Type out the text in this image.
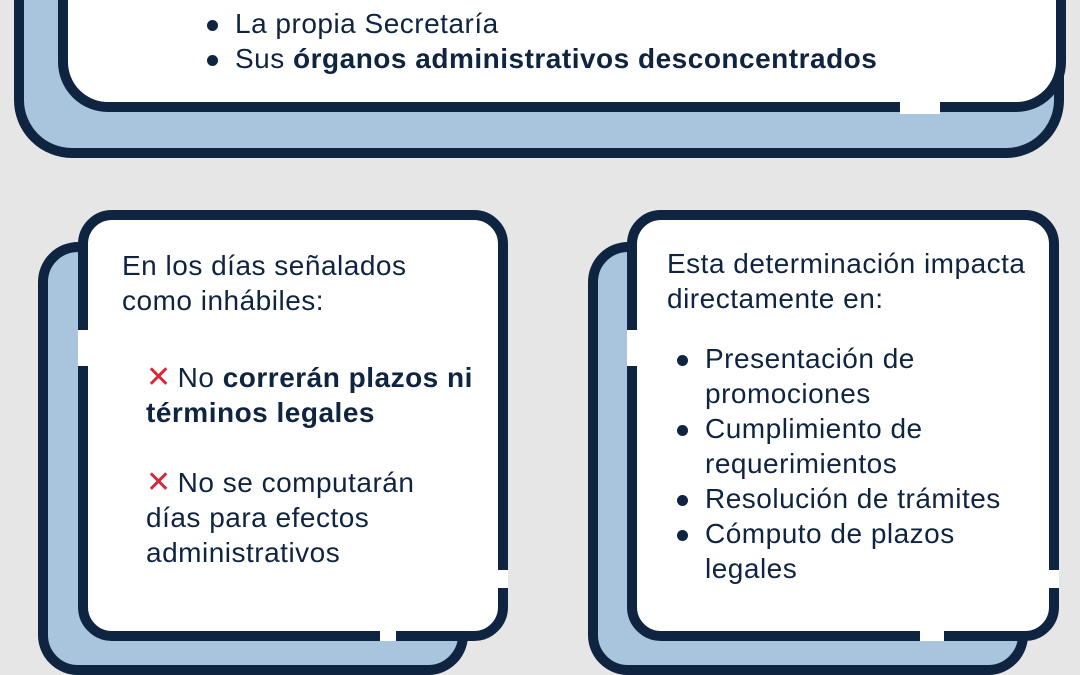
La propia Secretaría
Sus órganos administrativos desconcentrados
En los días señalados como inhábiles:
✕ No correrán plazos ni términos legales
✕ No se computarán días para efectos administrativos
Esta determinación impacta directamente en:
Presentación de promociones
Cumplimiento de requerimientos
Resolución de trámites
Cómputo de plazos legales
